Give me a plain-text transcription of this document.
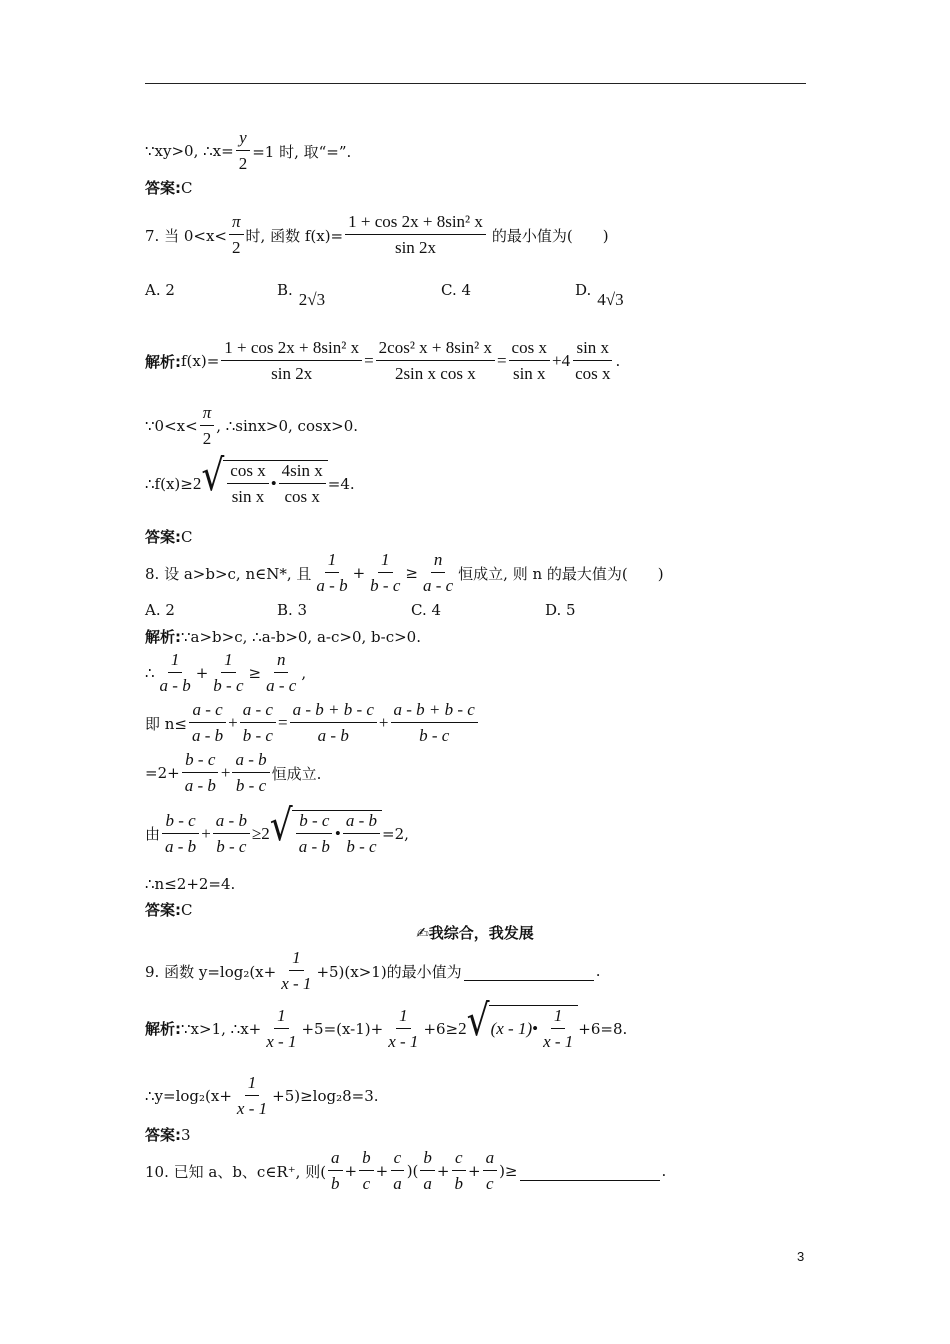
∵xy>0, ∴x= $\frac{y}{2} =1$ 时, 取“=”.
答案: C
7. 当 0<x<
π
2
时, 函数 $f(x)= \frac{\text{1 + cos 2x + 8sin² x}}{\sin 2x}$ 的最小值为(　　)
A. 2	B. 2√3	C. 4	D. 4√3
解析: $f(x)= \frac{\text{1 + cos 2x + 8sin² x}}{\sin 2x} = \frac{\text{2cos² x + 8sin² x}}{\text{2sin x cos x}} = \frac{\text{cos x}}{\text{sin x}} + 4$
sin x
cos x
.
∵0<x<
π
2
, ∴sinx>0, cosx>0.
∴f(x)≥ 2 √ cos x
sin x
•
4sin x
cos x
=4.
答案: C
8. 设 a>b>c, n∈N*, 且
1
a - b
+ $\frac{1}{b - c} \ge \frac{n}{a - c}$ 恒成立, 则 n 的最大值为(　　)
A. 2	B. 3	C. 4	D. 5
解析: ∵a>b>c, ∴a-b>0, a-c>0, b-c>0.
∴
1
a - b
+ $\frac{1}{b - c} \ge \frac{n}{a - c}$ ,
即 $n\le \frac{a - c}{a - b} + \frac{a - c}{b - c} = \frac{a - b + b - c}{a - b} + \frac{a - b + b - c}{b - c}$
$=2+ \frac{b - c}{a - b} + \frac{a - b}{b - c}$ 恒成立.
由
b - c
a - b
+ $\frac{a - b}{b - c} \ge 2$ √ b - c
a - b
•
a - b
b - c
=2,
∴n≤2+2=4.
答案: C
✍我综合，我发展
9. 函数 $y=\log_2(x+ \frac{1}{x - 1} +5)(x>1)$的最小值为
	.
解析: ∵x>1, ∴x+ $\frac{1}{x - 1} +5=(x-1)+ \frac{1}{x - 1} +6\ge 2$ √ (x - 1) •
1
x - 1
+6=8.
∴y=log₂(x+ $\frac{1}{x - 1} +5)\ge\log_28=3$.
答案: 3
10. 已知 a、b、c∈R⁺, 则(
a
b
+ $\frac{b}{c} + \frac{c}{a}$ )(
b
a
+ $\frac{c}{b} + \frac{a}{c}$ )≥
	.
3
